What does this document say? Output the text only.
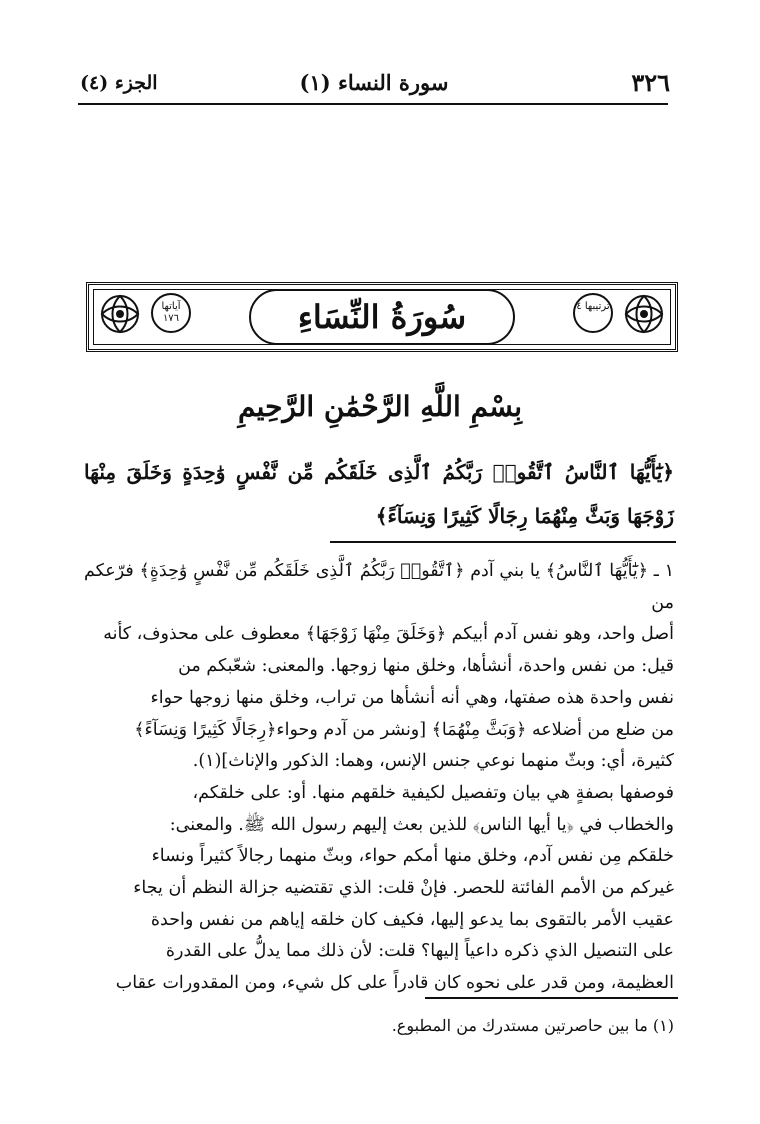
٣٢٦
سورة النساء (١)
الجزء (٤)
ترتيبها ٤
آياتها ١٧٦	سُورَةُ النِّسَاءِ
بِسْمِ اللَّهِ الرَّحْمَٰنِ الرَّحِيمِ
﴿يَٰٓأَيُّهَا ٱلنَّاسُ ٱتَّقُوا۟ رَبَّكُمُ ٱلَّذِى خَلَقَكُم مِّن نَّفْسٍ وَٰحِدَةٍ وَخَلَقَ مِنْهَا زَوْجَهَا وَبَثَّ مِنْهُمَا رِجَالًا كَثِيرًا وَنِسَآءً﴾
١ ـ ﴿يَٰٓأَيُّهَا ٱلنَّاسُ﴾ يا بني آدم ﴿ٱتَّقُوا۟ رَبَّكُمُ ٱلَّذِى خَلَقَكُم مِّن نَّفْسٍ وَٰحِدَةٍ﴾ فرّعكم من
أصل واحد، وهو نفس آدم أبيكم ﴿وَخَلَقَ مِنْهَا زَوْجَهَا﴾ معطوف على محذوف، كأنه
قيل: من نفس واحدة، أنشأها، وخلق منها زوجها. والمعنى: شعّبكم من
نفس واحدة هذه صفتها، وهي أنه أنشأها من تراب، وخلق منها زوجها حواء
من ضلع من أضلاعه ﴿وَبَثَّ مِنْهُمَا﴾ [ونشر من آدم وحواء﴿رِجَالًا كَثِيرًا وَنِسَآءً﴾
كثيرة، أي: وبثّ منهما نوعي جنس الإنس، وهما: الذكور والإناث](١).
فوصفها بصفةٍ هي بيان وتفصيل لكيفية خلقهم منها. أو: على خلقكم،
والخطاب في ﴿يا أيها الناس﴾ للذين بعث إليهم رسول الله ﷺ. والمعنى:
خلقكم مِن نفس آدم، وخلق منها أمكم حواء، وبثّ منهما رجالاً كثيراً ونساء
غيركم من الأمم الفائتة للحصر. فإنْ قلت: الذي تقتضيه جزالة النظم أن يجاء
عقيب الأمر بالتقوى بما يدعو إليها، فكيف كان خلقه إياهم من نفس واحدة
على التنصيل الذي ذكره داعياً إليها؟ قلت: لأن ذلك مما يدلُّ على القدرة
العظيمة، ومن قدر على نحوه كان قادراً على كل شيء، ومن المقدورات عقاب
(١) ما بين حاصرتين مستدرك من المطبوع.
